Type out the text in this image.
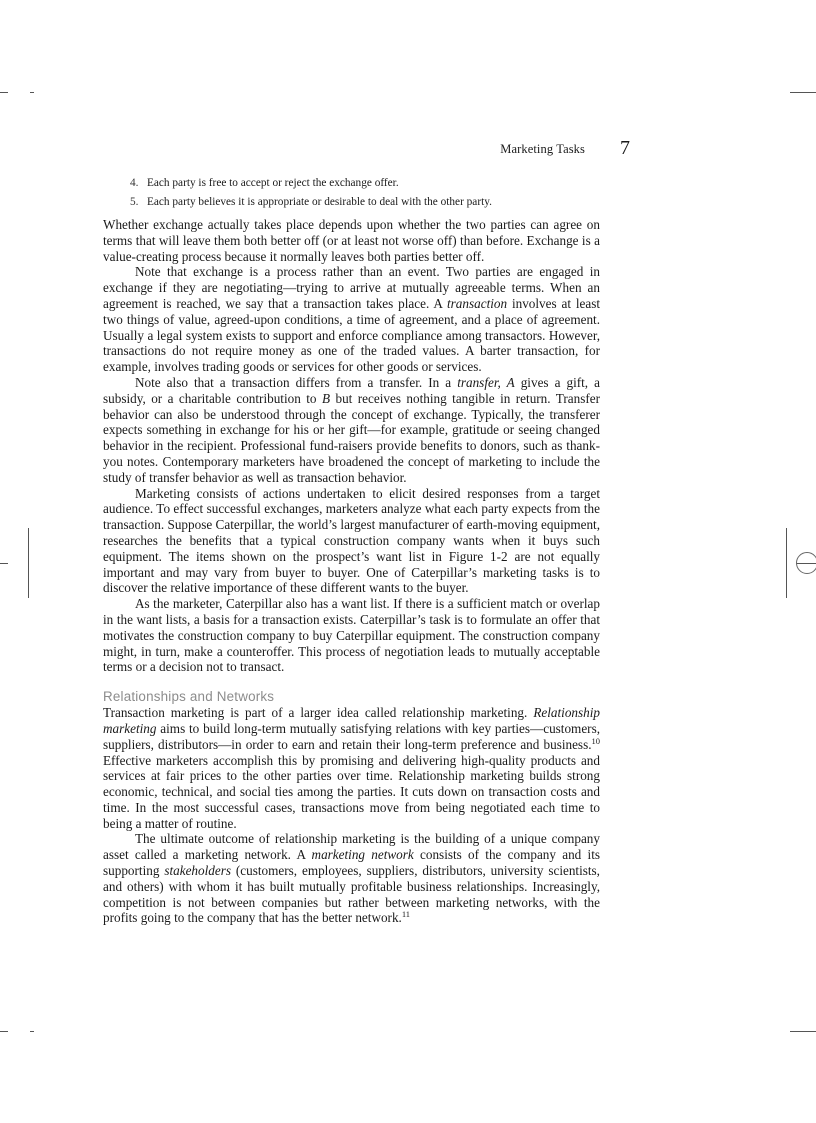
Marketing Tasks 7
4. Each party is free to accept or reject the exchange offer.
5. Each party believes it is appropriate or desirable to deal with the other party.

Whether exchange actually takes place depends upon whether the two parties can agree on terms that will leave them both better off (or at least not worse off) than before. Exchange is a value-creating process because it normally leaves both parties better off.

Note that exchange is a process rather than an event. Two parties are engaged in exchange if they are negotiating—trying to arrive at mutually agreeable terms. When an agreement is reached, we say that a transaction takes place. A transaction involves at least two things of value, agreed-upon conditions, a time of agreement, and a place of agreement. Usually a legal system exists to support and enforce compliance among transactors. However, transactions do not require money as one of the traded values. A barter transaction, for example, involves trading goods or services for other goods or services.

Note also that a transaction differs from a transfer. In a transfer, A gives a gift, a subsidy, or a charitable contribution to B but receives nothing tangible in return. Transfer behavior can also be understood through the concept of exchange. Typically, the transferer expects something in exchange for his or her gift—for example, gratitude or seeing changed behavior in the recipient. Professional fund-raisers provide benefits to donors, such as thank-you notes. Contemporary marketers have broadened the concept of marketing to include the study of transfer behavior as well as transaction behavior.

Marketing consists of actions undertaken to elicit desired responses from a target audience. To effect successful exchanges, marketers analyze what each party expects from the transaction. Suppose Caterpillar, the world’s largest manufacturer of earth-moving equipment, researches the benefits that a typical construction company wants when it buys such equipment. The items shown on the prospect’s want list in Figure 1-2 are not equally important and may vary from buyer to buyer. One of Caterpillar’s marketing tasks is to discover the relative importance of these different wants to the buyer.

As the marketer, Caterpillar also has a want list. If there is a sufficient match or overlap in the want lists, a basis for a transaction exists. Caterpillar’s task is to formulate an offer that motivates the construction company to buy Caterpillar equipment. The construction company might, in turn, make a counteroffer. This process of negotiation leads to mutually acceptable terms or a decision not to transact.

Relationships and Networks

Transaction marketing is part of a larger idea called relationship marketing. Relationship marketing aims to build long-term mutually satisfying relations with key parties—customers, suppliers, distributors—in order to earn and retain their long-term preference and business.$^{10}$ Effective marketers accomplish this by promising and delivering high-quality products and services at fair prices to the other parties over time. Relationship marketing builds strong economic, technical, and social ties among the parties. It cuts down on transaction costs and time. In the most successful cases, transactions move from being negotiated each time to being a matter of routine.

The ultimate outcome of relationship marketing is the building of a unique company asset called a marketing network. A marketing network consists of the company and its supporting stakeholders (customers, employees, suppliers, distributors, university scientists, and others) with whom it has built mutually profitable business relationships. Increasingly, competition is not between companies but rather between marketing networks, with the profits going to the company that has the better network.$^{11}$
